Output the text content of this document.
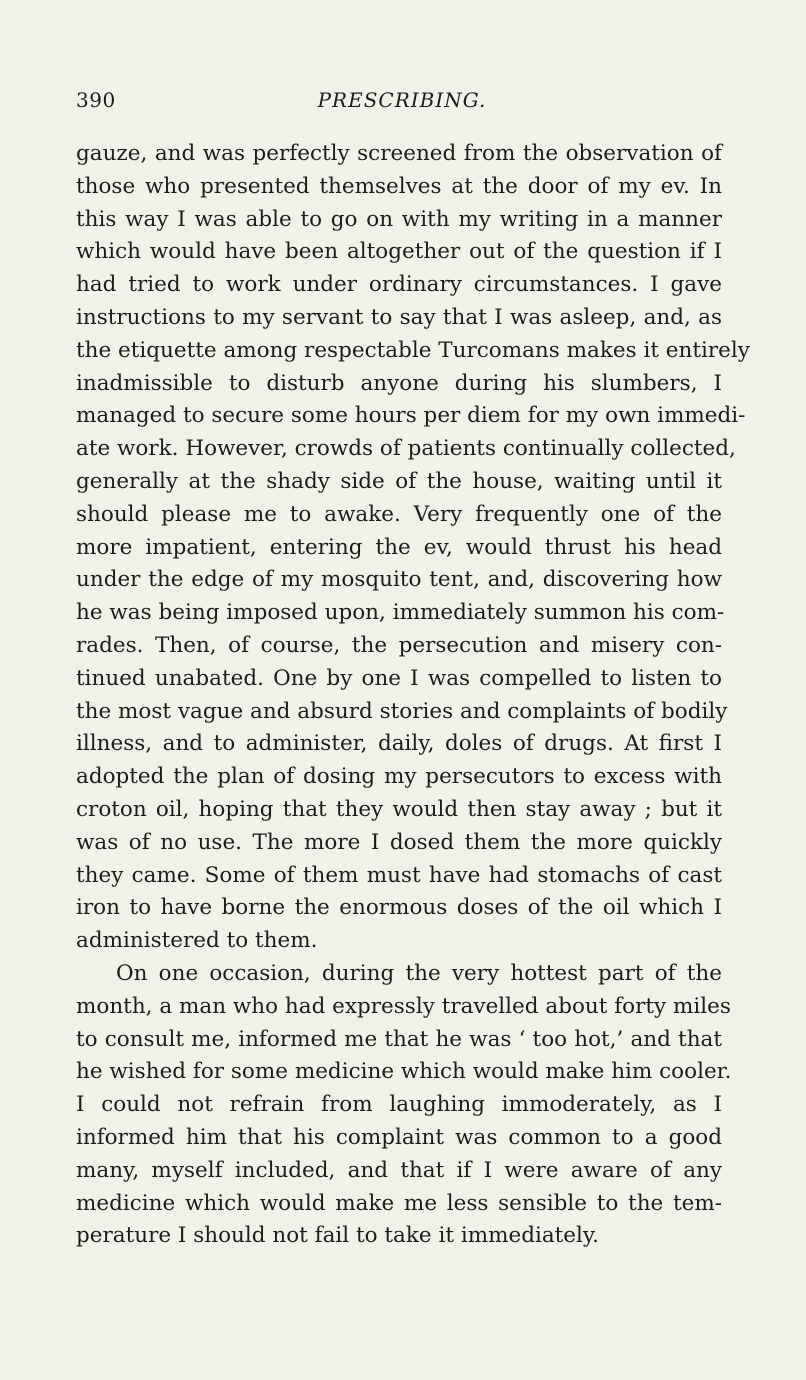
390	PRESCRIBING.
gauze, and was perfectly screened from the observation of
those who presented themselves at the door of my ev. In
this way I was able to go on with my writing in a manner
which would have been altogether out of the question if I
had tried to work under ordinary circumstances. I gave
instructions to my servant to say that I was asleep, and, as
the etiquette among respectable Turcomans makes it entirely
inadmissible to disturb anyone during his slumbers, I
managed to secure some hours per diem for my own immedi-
ate work. However, crowds of patients continually collected,
generally at the shady side of the house, waiting until it
should please me to awake. Very frequently one of the
more impatient, entering the ev, would thrust his head
under the edge of my mosquito tent, and, discovering how
he was being imposed upon, immediately summon his com-
rades. Then, of course, the persecution and misery con-
tinued unabated. One by one I was compelled to listen to
the most vague and absurd stories and complaints of bodily
illness, and to administer, daily, doles of drugs. At first I
adopted the plan of dosing my persecutors to excess with
croton oil, hoping that they would then stay away ; but it
was of no use. The more I dosed them the more quickly
they came. Some of them must have had stomachs of cast
iron to have borne the enormous doses of the oil which I
administered to them.
On one occasion, during the very hottest part of the
month, a man who had expressly travelled about forty miles
to consult me, informed me that he was ‘ too hot,’ and that
he wished for some medicine which would make him cooler.
I could not refrain from laughing immoderately, as I
informed him that his complaint was common to a good
many, myself included, and that if I were aware of any
medicine which would make me less sensible to the tem-
perature I should not fail to take it immediately.
